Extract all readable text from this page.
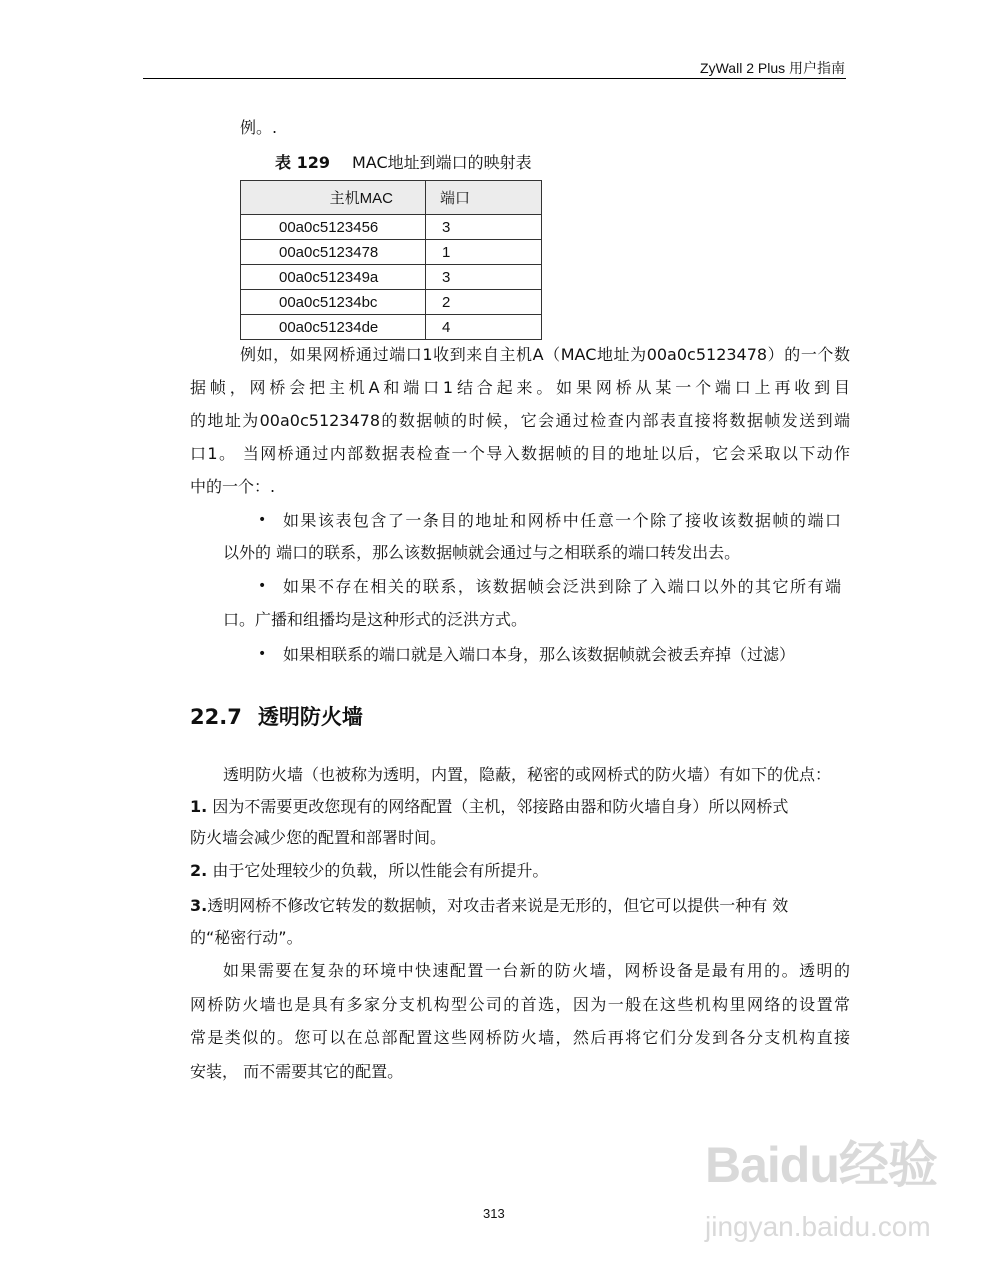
ZyWall 2 Plus 用户指南
例。.
表 129 MAC地址到端口的映射表
主机MAC	端口
00a0c5123456	3
00a0c5123478	1
00a0c512349a	3
00a0c51234bc	2
00a0c51234de	4
例如，如果网桥通过端口1收到来自主机A（MAC地址为00a0c5123478）的一个数
据帧，网桥会把主机A和端口1结合起来。如果网桥从某一个端口上再收到目
的地址为00a0c5123478的数据帧的时候，它会通过检查内部表直接将数据帧发送到端
口1。 当网桥通过内部数据表检查一个导入数据帧的目的地址以后，它会采取以下动作
中的一个：.
• 如果该表包含了一条目的地址和网桥中任意一个除了接收该数据帧的端口
以外的 端口的联系，那么该数据帧就会通过与之相联系的端口转发出去。
• 如果不存在相关的联系，该数据帧会泛洪到除了入端口以外的其它所有端
口。广播和组播均是这种形式的泛洪方式。
• 如果相联系的端口就是入端口本身，那么该数据帧就会被丢弃掉（过滤）
22.7 透明防火墙
透明防火墙（也被称为透明，内置，隐蔽，秘密的或网桥式的防火墙）有如下的优点：
1. 因为不需要更改您现有的网络配置（主机，邻接路由器和防火墙自身）所以网桥式
防火墙会减少您的配置和部署时间。
2. 由于它处理较少的负载，所以性能会有所提升。
3.透明网桥不修改它转发的数据帧，对攻击者来说是无形的，但它可以提供一种有 效
的“秘密行动”。
如果需要在复杂的环境中快速配置一台新的防火墙，网桥设备是最有用的。透明的
网桥防火墙也是具有多家分支机构型公司的首选，因为一般在这些机构里网络的设置常
常是类似的。您可以在总部配置这些网桥防火墙，然后再将它们分发到各分支机构直接
安装， 而不需要其它的配置。
313
Baidu经验
jingyan.baidu.com
